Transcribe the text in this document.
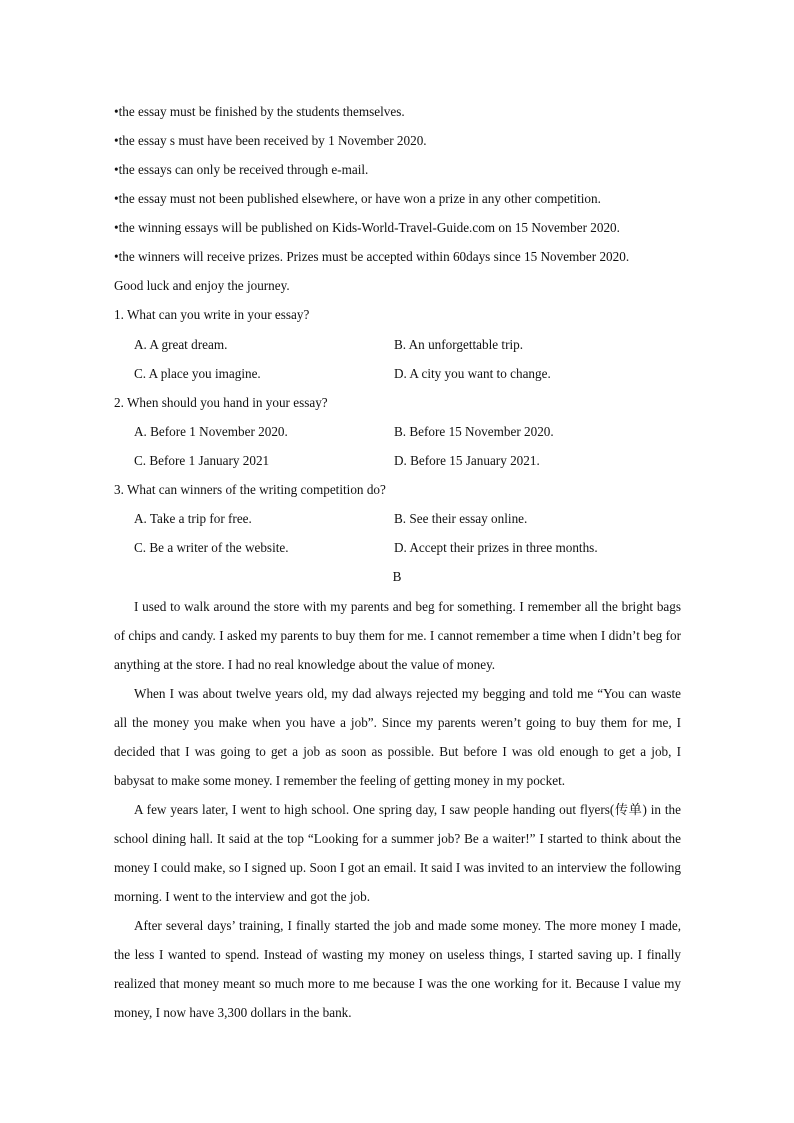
•the essay must be finished by the students themselves.
•the essay s must have been received by 1 November 2020.
•the essays can only be received through e-mail.
•the essay must not been published elsewhere, or have won a prize in any other competition.
•the winning essays will be published on Kids-World-Travel-Guide.com on 15 November 2020.
•the winners will receive prizes. Prizes must be accepted within 60days since 15 November 2020.
Good luck and enjoy the journey.
1. What can you write in your essay?
A. A great dream.	B. An unforgettable trip.
C. A place you imagine.	D. A city you want to change.
2. When should you hand in your essay?
A. Before 1 November 2020.	B. Before 15 November 2020.
C. Before 1 January 2021	D. Before 15 January 2021.
3. What can winners of the writing competition do?
A. Take a trip for free.	B. See their essay online.
C. Be a writer of the website.	D. Accept their prizes in three months.
B
I used to walk around the store with my parents and beg for something. I remember all the bright bags of chips and candy. I asked my parents to buy them for me. I cannot remember a time when I didn’t beg for anything at the store. I had no real knowledge about the value of money.
When I was about twelve years old, my dad always rejected my begging and told me “You can waste all the money you make when you have a job”. Since my parents weren’t going to buy them for me, I decided that I was going to get a job as soon as possible. But before I was old enough to get a job, I babysat to make some money. I remember the feeling of getting money in my pocket.
A few years later, I went to high school. One spring day, I saw people handing out flyers(传单) in the school dining hall. It said at the top “Looking for a summer job? Be a waiter!” I started to think about the money I could make, so I signed up. Soon I got an email. It said I was invited to an interview the following morning. I went to the interview and got the job.
After several days’ training, I finally started the job and made some money. The more money I made, the less I wanted to spend. Instead of wasting my money on useless things, I started saving up. I finally realized that money meant so much more to me because I was the one working for it. Because I value my money, I now have 3,300 dollars in the bank.
